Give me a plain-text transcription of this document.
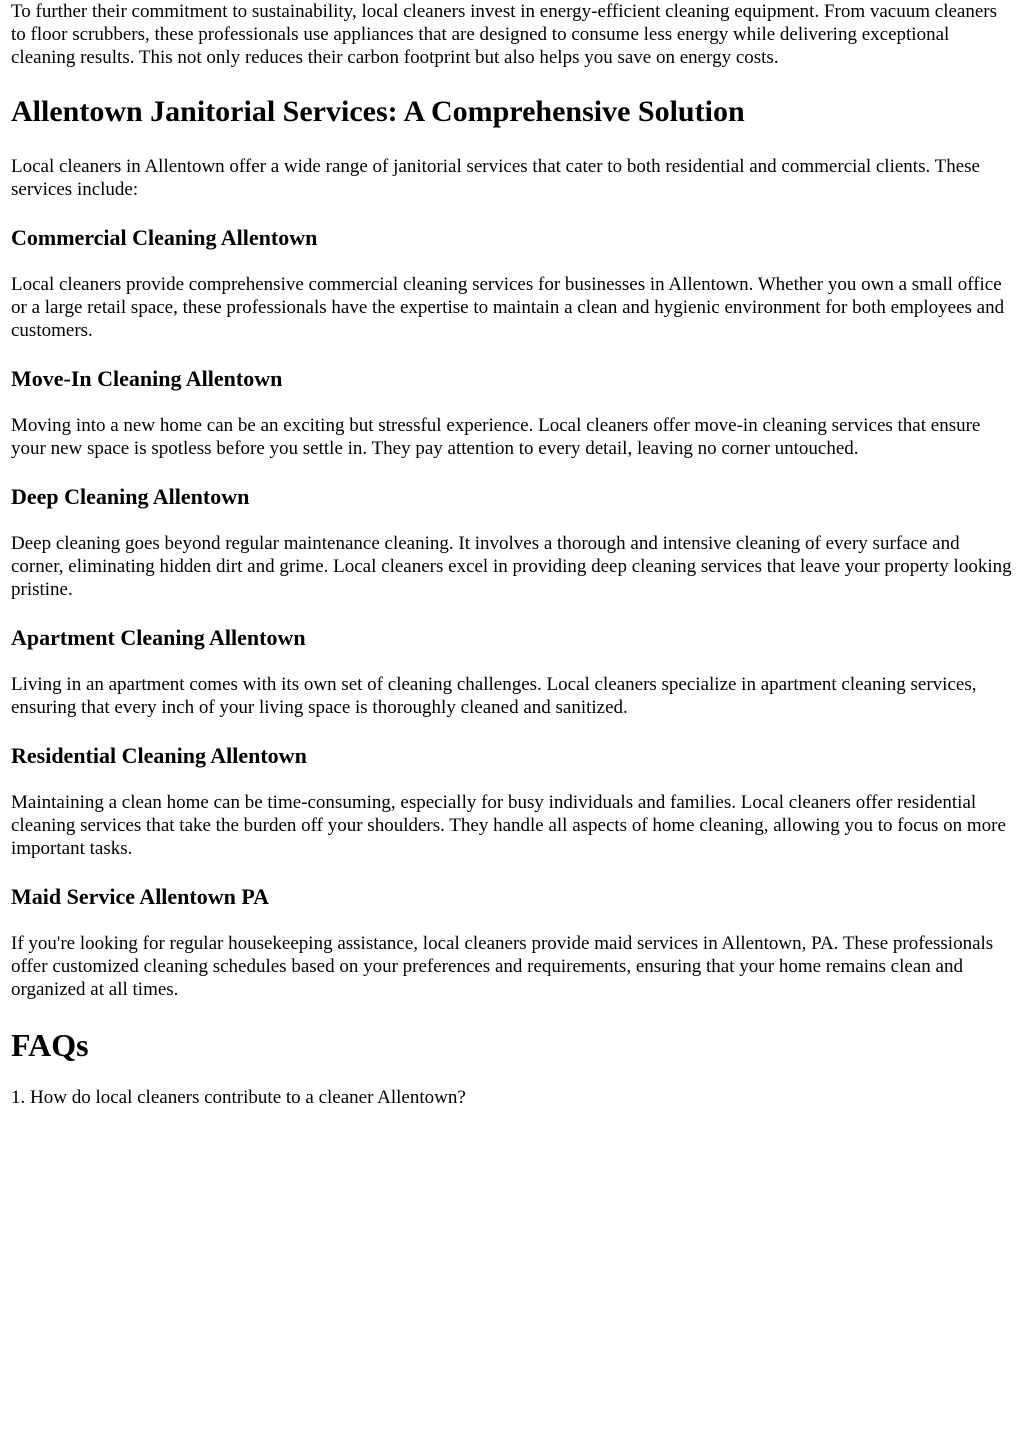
To further their commitment to sustainability, local cleaners invest in energy-efficient cleaning equipment. From vacuum cleaners to floor scrubbers, these professionals use appliances that are designed to consume less energy while delivering exceptional cleaning results. This not only reduces their carbon footprint but also helps you save on energy costs.

Allentown Janitorial Services: A Comprehensive Solution

Local cleaners in Allentown offer a wide range of janitorial services that cater to both residential and commercial clients. These services include:

Commercial Cleaning Allentown

Local cleaners provide comprehensive commercial cleaning services for businesses in Allentown. Whether you own a small office or a large retail space, these professionals have the expertise to maintain a clean and hygienic environment for both employees and customers.

Move-In Cleaning Allentown

Moving into a new home can be an exciting but stressful experience. Local cleaners offer move-in cleaning services that ensure your new space is spotless before you settle in. They pay attention to every detail, leaving no corner untouched.

Deep Cleaning Allentown

Deep cleaning goes beyond regular maintenance cleaning. It involves a thorough and intensive cleaning of every surface and corner, eliminating hidden dirt and grime. Local cleaners excel in providing deep cleaning services that leave your property looking pristine.

Apartment Cleaning Allentown

Living in an apartment comes with its own set of cleaning challenges. Local cleaners specialize in apartment cleaning services, ensuring that every inch of your living space is thoroughly cleaned and sanitized.

Residential Cleaning Allentown

Maintaining a clean home can be time-consuming, especially for busy individuals and families. Local cleaners offer residential cleaning services that take the burden off your shoulders. They handle all aspects of home cleaning, allowing you to focus on more important tasks.

Maid Service Allentown PA

If you're looking for regular housekeeping assistance, local cleaners provide maid services in Allentown, PA. These professionals offer customized cleaning schedules based on your preferences and requirements, ensuring that your home remains clean and organized at all times.

FAQs

1. How do local cleaners contribute to a cleaner Allentown?
